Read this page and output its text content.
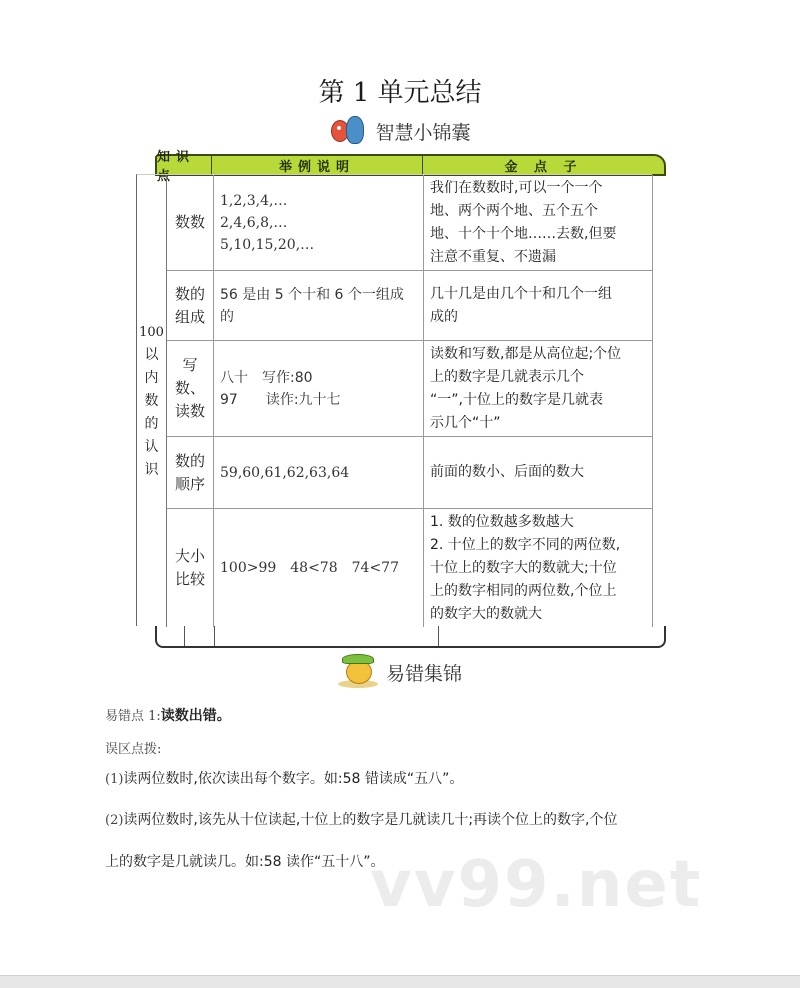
第 1 单元总结
智慧小锦囊
知识点
举例说明	金 点 子
100
以
内
数
的
认
识
数数
1,2,3,4,…
2,4,6,8,…
5,10,15,20,…
我们在数数时,可以一个一个
地、两个两个地、五个五个
地、十个十个地……去数,但要
注意不重复、不遗漏
数的
组成
56 是由 5 个十和 6 个一组成
的
几十几是由几个十和几个一组
成的
写
数、
读数
八十　写作:80
97　　读作:九十七
读数和写数,都是从高位起;个位
上的数字是几就表示几个
“一”,十位上的数字是几就表
示几个“十”
数的
顺序
59,60,61,62,63,64	前面的数小、后面的数大
大小
比较
100>99　48<78　74<77
1. 数的位数越多数越大
2. 十位上的数字不同的两位数,
十位上的数字大的数就大;十位
上的数字相同的两位数,个位上
的数字大的数就大
易错集锦
易错点 1:读数出错。
误区点拨:
(1)读两位数时,依次读出每个数字。如:58 错读成“五八”。
(2)读两位数时,该先从十位读起,十位上的数字是几就读几十;再读个位上的数字,个位
上的数字是几就读几。如:58 读作“五十八”。
vv99.net
